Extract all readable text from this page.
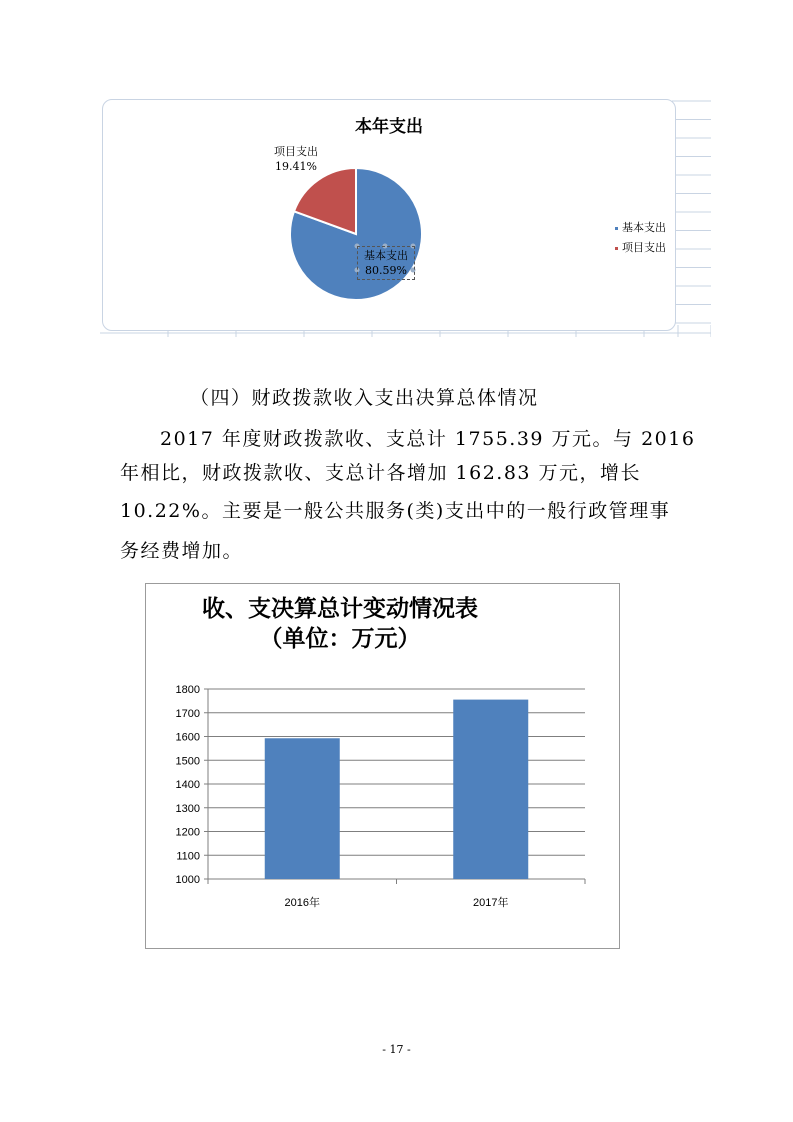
本年支出
项目支出
19.41%
基本支出
80.59%
基本支出
项目支出
（四）财政拨款收入支出决算总体情况
2017 年度财政拨款收、支总计 1755.39 万元。与 2016
年相比，财政拨款收、支总计各增加 162.83 万元，增长
10.22%。主要是一般公共服务(类)支出中的一般行政管理事
务经费增加。
收、支决算总计变动情况表
（单位：万元）
1000
1100
1200
1300
1400
1500
1600
1700
1800
2016年	2017年
- 17 -
